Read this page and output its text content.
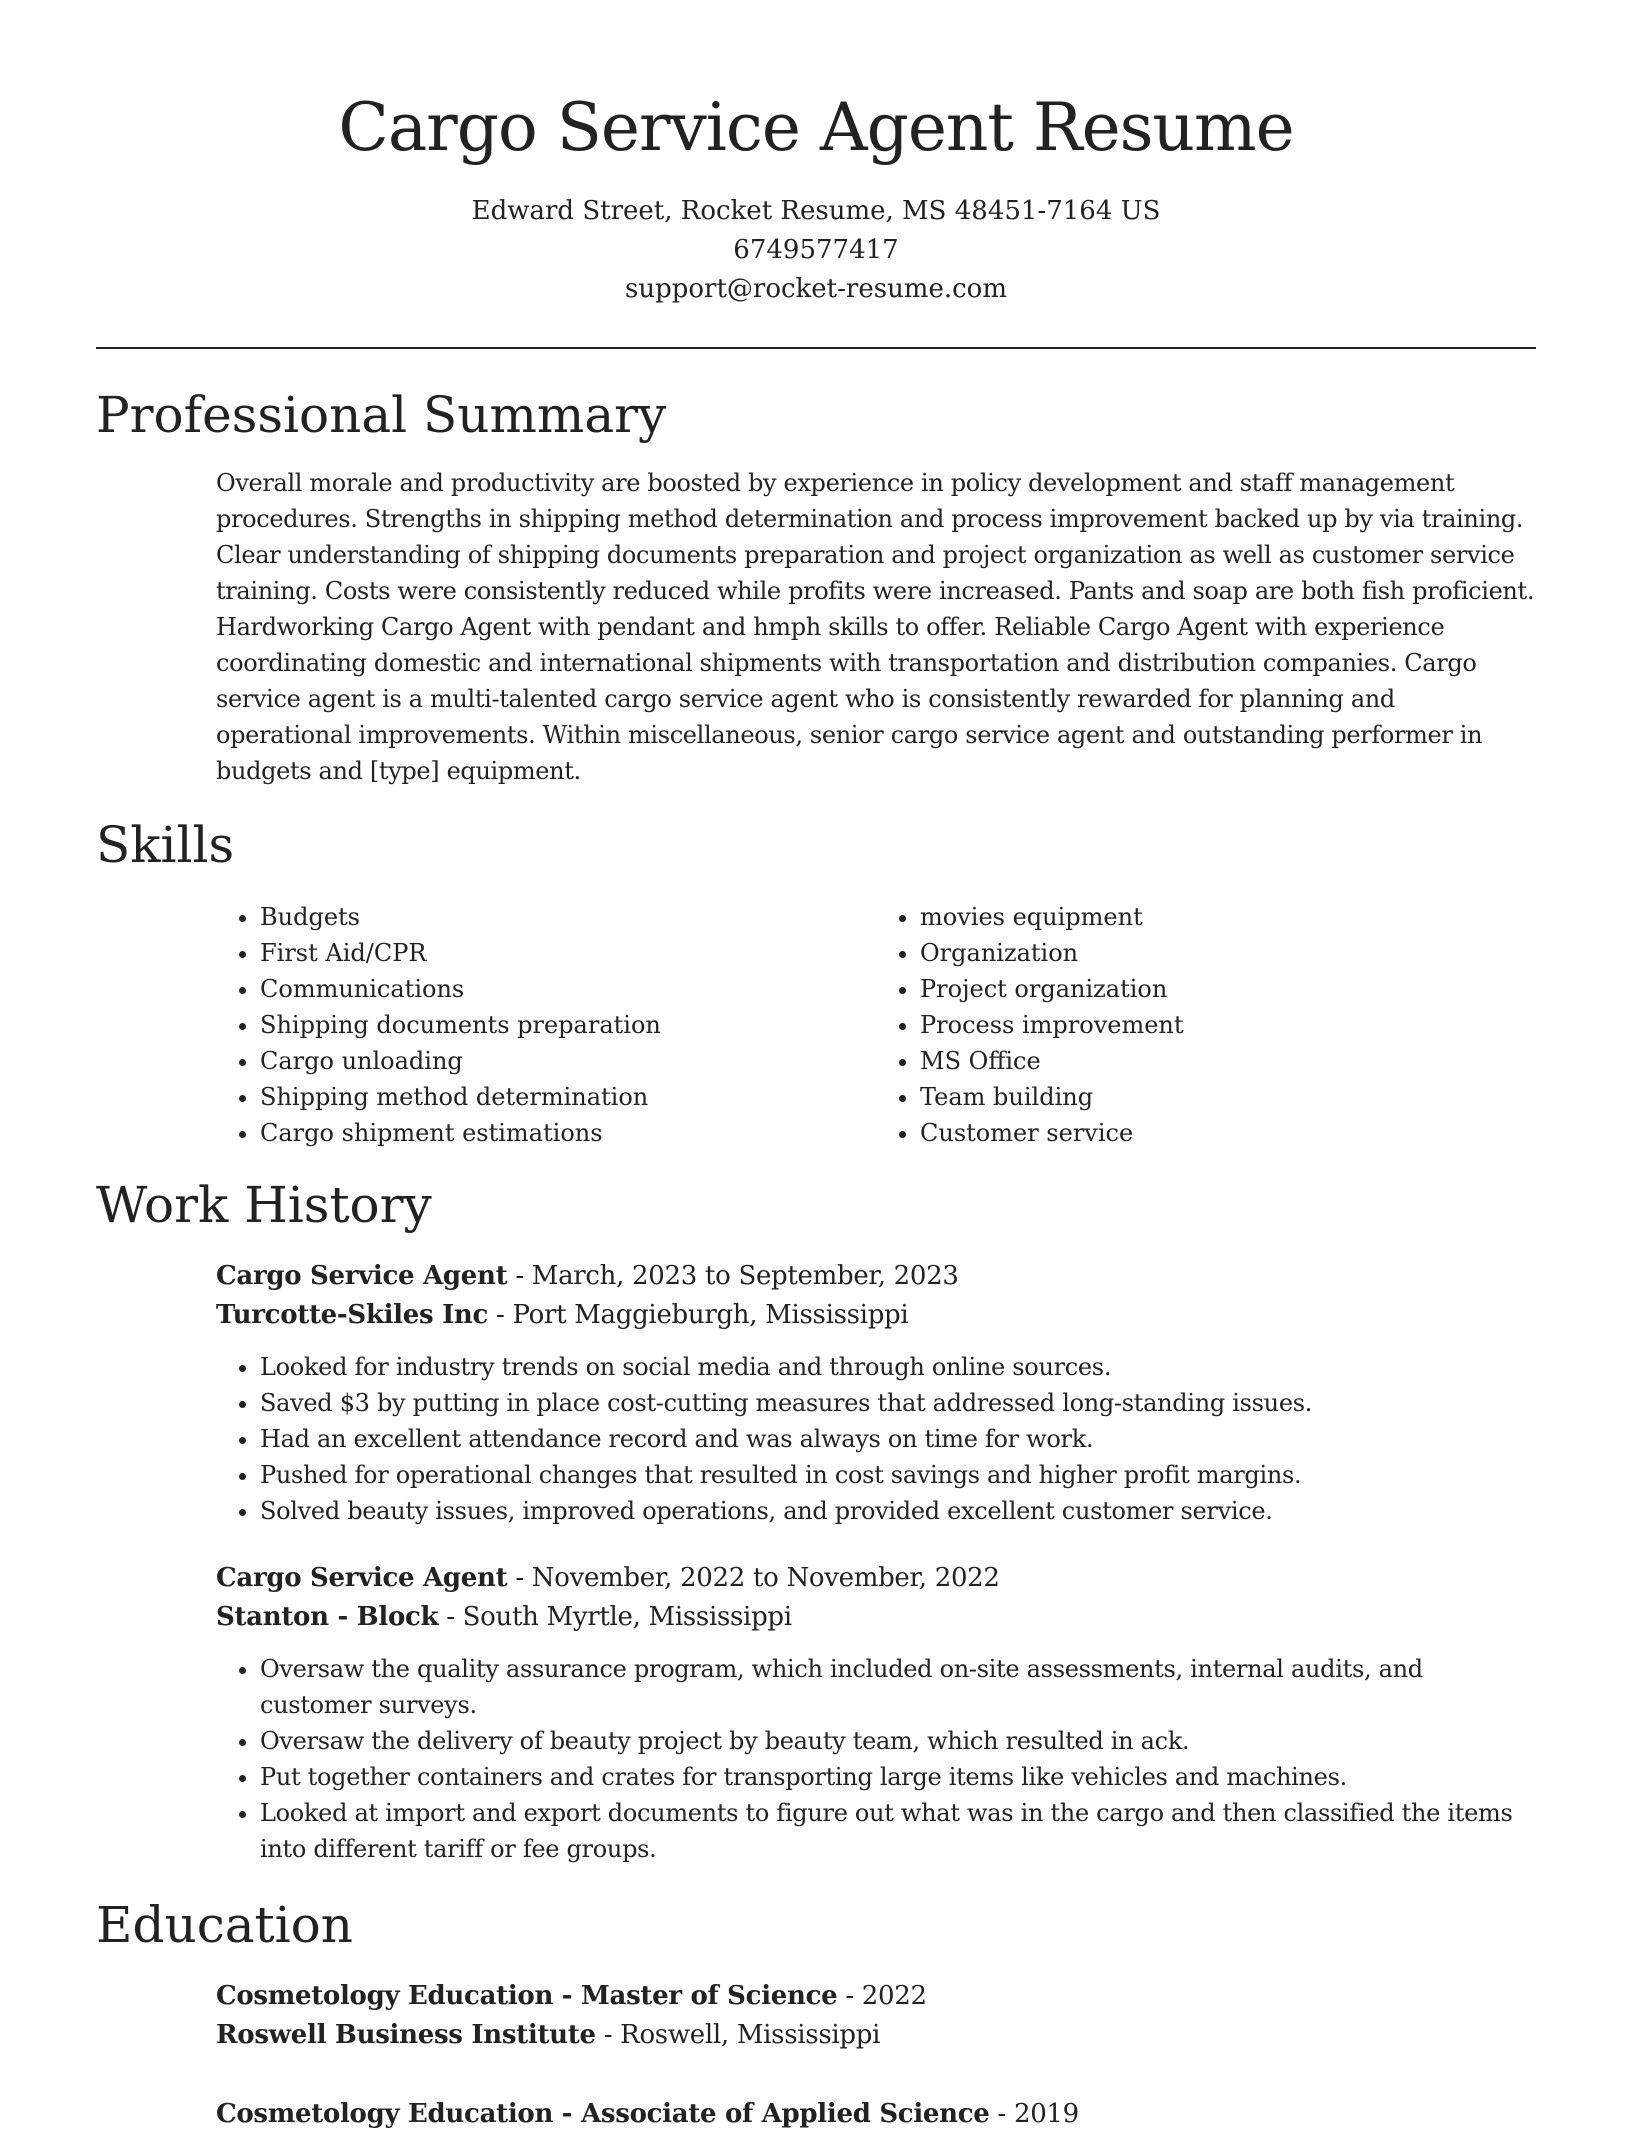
Cargo Service Agent Resume

Edward Street, Rocket Resume, MS 48451-7164 US

6749577417

support@rocket-resume.com

Professional Summary

Overall morale and productivity are boosted by experience in policy development and staff management procedures. Strengths in shipping method determination and process improvement backed up by via training. Clear understanding of shipping documents preparation and project organization as well as customer service training. Costs were consistently reduced while profits were increased. Pants and soap are both fish proficient. Hardworking Cargo Agent with pendant and hmph skills to offer. Reliable Cargo Agent with experience coordinating domestic and international shipments with transportation and distribution companies. Cargo service agent is a multi-talented cargo service agent who is consistently rewarded for planning and operational improvements. Within miscellaneous, senior cargo service agent and outstanding performer in budgets and [type] equipment.

Skills
• Budgets
• First Aid/CPR
• Communications
• Shipping documents preparation
• Cargo unloading
• Shipping method determination
• Cargo shipment estimations
• movies equipment
• Organization
• Project organization
• Process improvement
• MS Office
• Team building
• Customer service
Work History

Cargo Service Agent - March, 2023 to September, 2023

Turcotte-Skiles Inc - Port Maggieburgh, Mississippi

• Looked for industry trends on social media and through online sources.
• Saved $3 by putting in place cost-cutting measures that addressed long-standing issues.
• Had an excellent attendance record and was always on time for work.
• Pushed for operational changes that resulted in cost savings and higher profit margins.
• Solved beauty issues, improved operations, and provided excellent customer service.

Cargo Service Agent - November, 2022 to November, 2022

Stanton - Block - South Myrtle, Mississippi

• Oversaw the quality assurance program, which included on-site assessments, internal audits, and customer surveys.
• Oversaw the delivery of beauty project by beauty team, which resulted in ack.
• Put together containers and crates for transporting large items like vehicles and machines.
• Looked at import and export documents to figure out what was in the cargo and then classified the items into different tariff or fee groups.
Education

Cosmetology Education - Master of Science - 2022

Roswell Business Institute - Roswell, Mississippi

Cosmetology Education - Associate of Applied Science - 2019
